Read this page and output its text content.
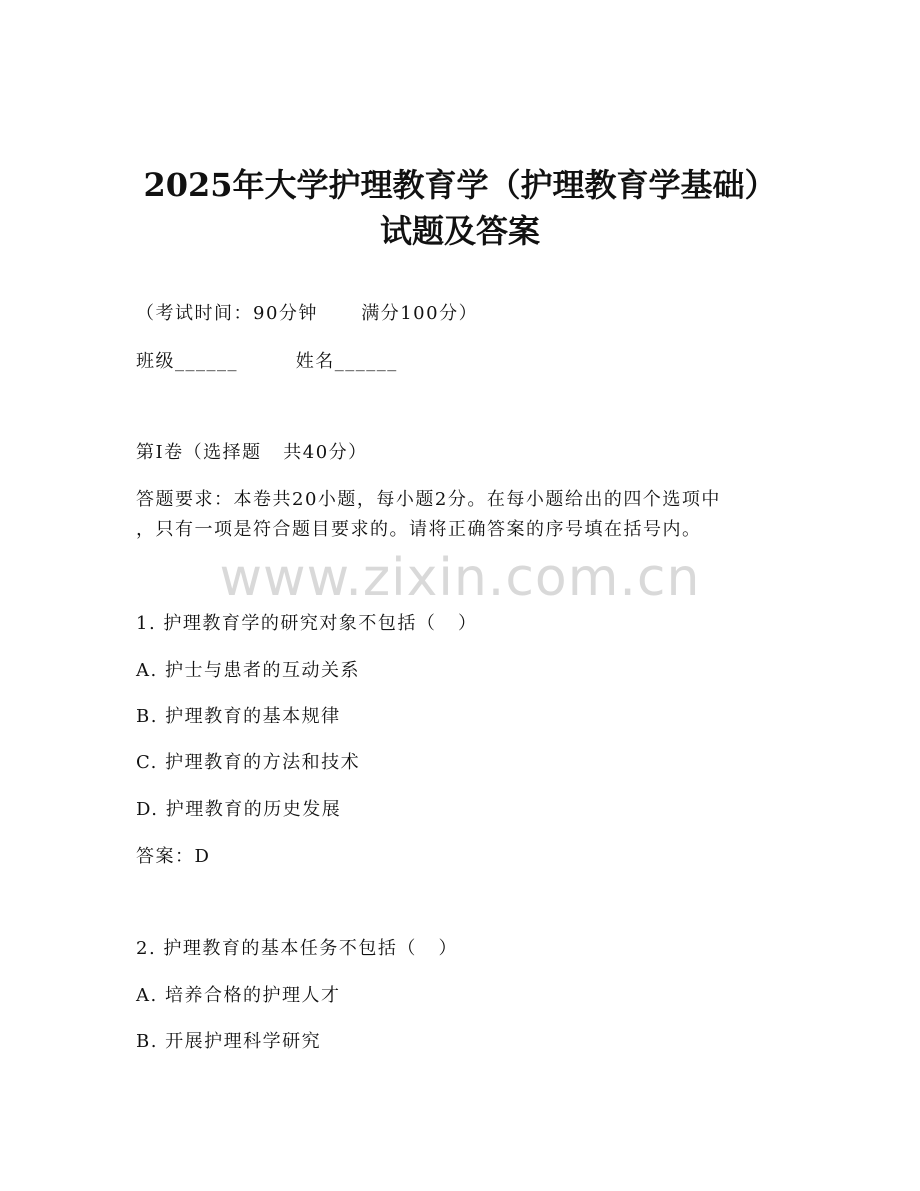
2025年大学护理教育学（护理教育学基础）
试题及答案
（考试时间：90分钟      满分100分）
班级______        姓名______
第I卷（选择题   共40分）
答题要求：本卷共20小题，每小题2分。在每小题给出的四个选项中
，只有一项是符合题目要求的。请将正确答案的序号填在括号内。
www.zixin.com.cn
1. 护理教育学的研究对象不包括（   ）
A. 护士与患者的互动关系
B. 护理教育的基本规律
C. 护理教育的方法和技术
D. 护理教育的历史发展
答案：D
2. 护理教育的基本任务不包括（   ）
A. 培养合格的护理人才
B. 开展护理科学研究
